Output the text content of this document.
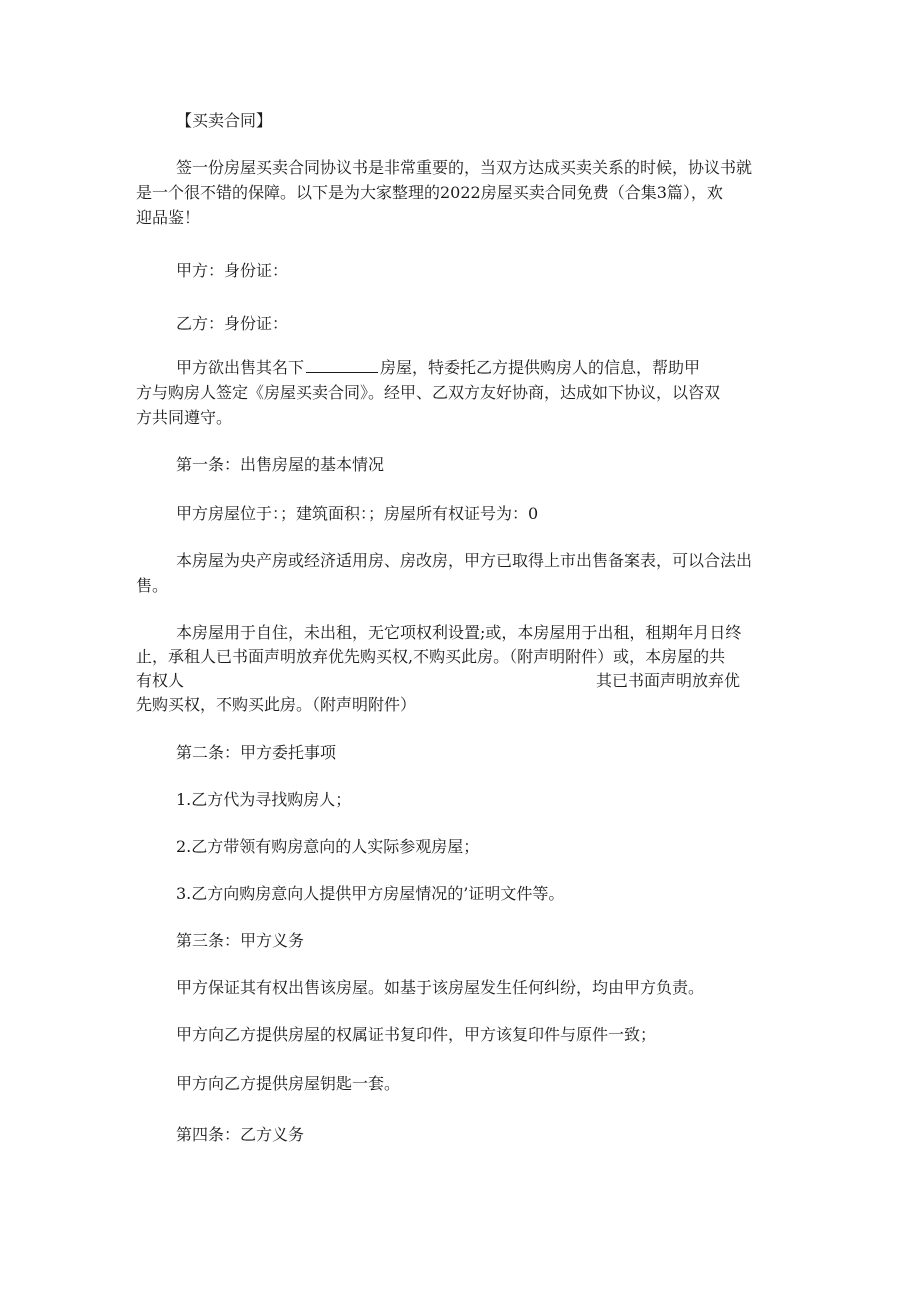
【买卖合同】
签一份房屋买卖合同协议书是非常重要的，当双方达成买卖关系的时候，协议书就
是一个很不错的保障。以下是为大家整理的2022房屋买卖合同免费（合集3篇），欢
迎品鉴！
甲方：身份证：
乙方：身份证：
甲方欲出售其名下	房屋，特委托乙方提供购房人的信息，帮助甲
方与购房人签定《房屋买卖合同》。经甲、乙双方友好协商，达成如下协议，以咨双
方共同遵守。
第一条：出售房屋的基本情况
甲方房屋位于：；建筑面积：；房屋所有权证号为：0
本房屋为央产房或经济适用房、房改房，甲方已取得上市出售备案表，可以合法出
售。
本房屋用于自住，未出租，无它项权利设置;或，本房屋用于出租，租期年月日终
止，承租人已书面声明放弃优先购买权,不购买此房。（附声明附件）或，本房屋的共
有权人	其已书面声明放弃优
先购买权，不购买此房。（附声明附件）
第二条：甲方委托事项
1.乙方代为寻找购房人；
2.乙方带领有购房意向的人实际参观房屋；
3.乙方向购房意向人提供甲方房屋情况的’证明文件等。
第三条：甲方义务
甲方保证其有权出售该房屋。如基于该房屋发生任何纠纷，均由甲方负责。
甲方向乙方提供房屋的权属证书复印件，甲方该复印件与原件一致；
甲方向乙方提供房屋钥匙一套。
第四条：乙方义务
